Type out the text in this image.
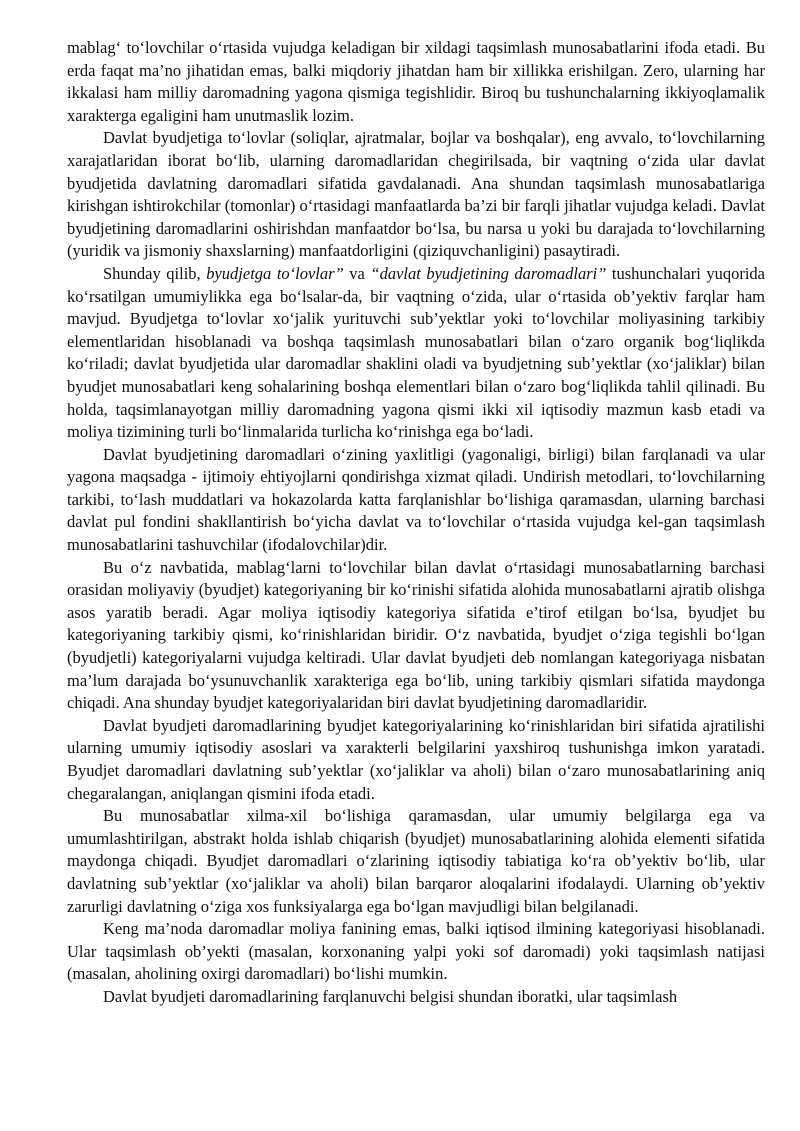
mablag‘ to‘lovchilar o‘rtasida vujudga keladigan bir xildagi taqsimlash munosabatlarini ifoda etadi. Bu erda faqat ma’no jihatidan emas, balki miqdoriy jihatdan ham bir xillikka erishilgan. Zero, ularning har ikkalasi ham milliy daromadning yagona qismiga tegishlidir. Biroq bu tushunchalarning ikkiyoqlamalik xarakterga egaligini ham unutmaslik lozim.

Davlat byudjetiga to‘lovlar (soliqlar, ajratmalar, bojlar va boshqalar), eng avvalo, to‘lovchilarning xarajatlaridan iborat bo‘lib, ularning daromadlaridan chegirilsada, bir vaqtning o‘zida ular davlat byudjetida davlatning daromadlari sifatida gavdalanadi. Ana shundan taqsimlash munosabatlariga kirishgan ishtirokchilar (tomonlar) o‘rtasidagi manfaatlarda ba’zi bir farqli jihatlar vujudga keladi. Davlat byudjetining daromadlarini oshirishdan manfaatdor bo‘lsa, bu narsa u yoki bu darajada to‘lovchilarning (yuridik va jismoniy shaxslarning) manfaatdorligini (qiziquvchanligini) pasaytiradi.

Shunday qilib, byudjetga to‘lovlar” va “davlat byudjetining daromadlari” tushunchalari yuqorida ko‘rsatilgan umumiylikka ega bo‘lsalar-da, bir vaqtning o‘zida, ular o‘rtasida ob’yektiv farqlar ham mavjud. Byudjetga to‘lovlar xo‘jalik yurituvchi sub’yektlar yoki to‘lovchilar moliyasining tarkibiy elementlaridan hisoblanadi va boshqa taqsimlash munosabatlari bilan o‘zaro organik bog‘liqlikda ko‘riladi; davlat byudjetida ular daromadlar shaklini oladi va byudjetning sub’yektlar (xo‘jaliklar) bilan byudjet munosabatlari keng sohalarining boshqa elementlari bilan o‘zaro bog‘liqlikda tahlil qilinadi. Bu holda, taqsimlanayotgan milliy daromadning yagona qismi ikki xil iqtisodiy mazmun kasb etadi va moliya tizimining turli bo‘linmalarida turlicha ko‘rinishga ega bo‘ladi.

Davlat byudjetining daromadlari o‘zining yaxlitligi (yagonaligi, birligi) bilan farqlanadi va ular yagona maqsadga - ijtimoiy ehtiyojlarni qondirishga xizmat qiladi. Undirish metodlari, to‘lovchilarning tarkibi, to‘lash muddatlari va hokazolarda katta farqlanishlar bo‘lishiga qaramasdan, ularning barchasi davlat pul fondini shakllantirish bo‘yicha davlat va to‘lovchilar o‘rtasida vujudga kel-gan taqsimlash munosabatlarini tashuvchilar (ifodalovchilar)dir.

Bu o‘z navbatida, mablag‘larni to‘lovchilar bilan davlat o‘rtasidagi munosabatlarning barchasi orasidan moliyaviy (byudjet) kategoriyaning bir ko‘rinishi sifatida alohida munosabatlarni ajratib olishga asos yaratib beradi. Agar moliya iqtisodiy kategoriya sifatida e’tirof etilgan bo‘lsa, byudjet bu kategoriyaning tarkibiy qismi, ko‘rinishlaridan biridir. O‘z navbatida, byudjet o‘ziga tegishli bo‘lgan (byudjetli) kategoriyalarni vujudga keltiradi. Ular davlat byudjeti deb nomlangan kategoriyaga nisbatan ma’lum darajada bo‘ysunuvchanlik xarakteriga ega bo‘lib, uning tarkibiy qismlari sifatida maydonga chiqadi. Ana shunday byudjet kategoriyalaridan biri davlat byudjetining daromadlaridir.

Davlat byudjeti daromadlarining byudjet kategoriyalarining ko‘rinishlaridan biri sifatida ajratilishi ularning umumiy iqtisodiy asoslari va xarakterli belgilarini yaxshiroq tushunishga imkon yaratadi. Byudjet daromadlari davlatning sub’yektlar (xo‘jaliklar va aholi) bilan o‘zaro munosabatlarining aniq chegaralangan, aniqlangan qismini ifoda etadi.

Bu munosabatlar xilma-xil bo‘lishiga qaramasdan, ular umumiy belgilarga ega va umumlashtirilgan, abstrakt holda ishlab chiqarish (byudjet) munosabatlarining alohida elementi sifatida maydonga chiqadi. Byudjet daromadlari o‘zlarining iqtisodiy tabiatiga ko‘ra ob’yektiv bo‘lib, ular davlatning sub’yektlar (xo‘jaliklar va aholi) bilan barqaror aloqalarini ifodalaydi. Ularning ob’yektiv zarurligi davlatning o‘ziga xos funksiyalarga ega bo‘lgan mavjudligi bilan belgilanadi.

Keng ma’noda daromadlar moliya fanining emas, balki iqtisod ilmining kategoriyasi hisoblanadi. Ular taqsimlash ob’yekti (masalan, korxonaning yalpi yoki sof daromadi) yoki taqsimlash natijasi (masalan, aholining oxirgi daromadlari) bo‘lishi mumkin.

Davlat byudjeti daromadlarining farqlanuvchi belgisi shundan iboratki, ular taqsimlash
